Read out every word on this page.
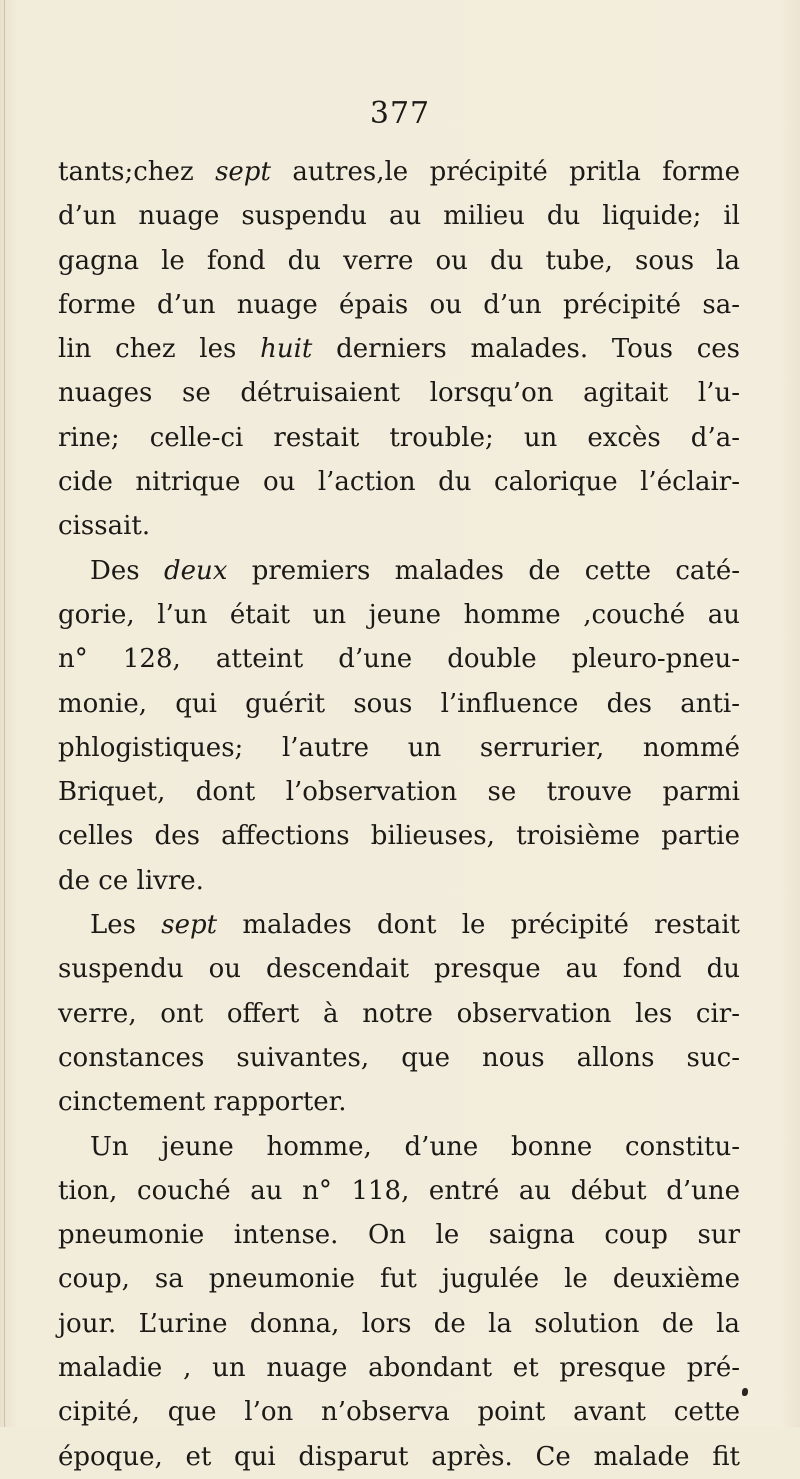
377
tants;chez sept autres,le précipité pritla forme
d’un nuage suspendu au milieu du liquide; il
gagna le fond du verre ou du tube, sous la
forme d’un nuage épais ou d’un précipité sa-
lin chez les huit derniers malades. Tous ces
nuages se détruisaient lorsqu’on agitait l’u-
rine; celle-ci restait trouble; un excès d’a-
cide nitrique ou l’action du calorique l’éclair-
cissait.
Des deux premiers malades de cette caté-
gorie, l’un était un jeune homme ,couché au
n° 128, atteint d’une double pleuro-pneu-
monie, qui guérit sous l’influence des anti-
phlogistiques; l’autre un serrurier, nommé
Briquet, dont l’observation se trouve parmi
celles des affections bilieuses, troisième partie
de ce livre.
Les sept malades dont le précipité restait
suspendu ou descendait presque au fond du
verre, ont offert à notre observation les cir-
constances suivantes, que nous allons suc-
cinctement rapporter.
Un jeune homme, d’une bonne constitu-
tion, couché au n° 118, entré au début d’une
pneumonie intense. On le saigna coup sur
coup, sa pneumonie fut jugulée le deuxième
jour. L’urine donna, lors de la solution de la
maladie , un nuage abondant et presque pré-
cipité, que l’on n’observa point avant cette
époque, et qui disparut après. Ce malade fit
